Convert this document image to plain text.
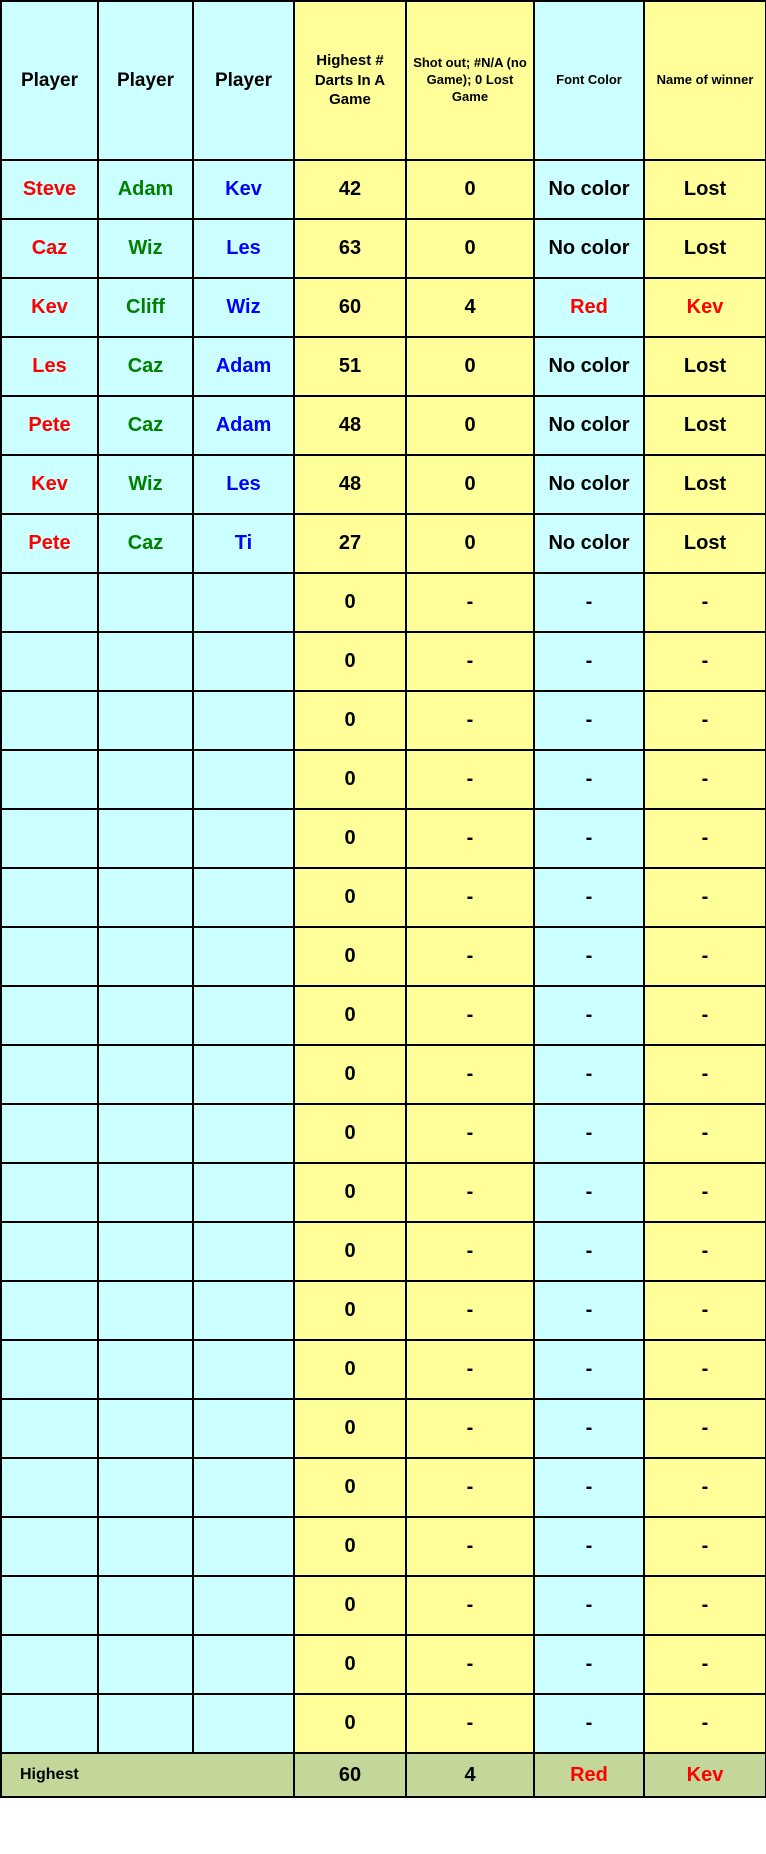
Player	Player	Player	Highest # Darts In A Game	Shot out; #N/A (no Game); 0 Lost Game	Font Color	Name of winner
Steve	Adam	Kev	42	0	No color	Lost
Caz	Wiz	Les	63	0	No color	Lost
Kev	Cliff	Wiz	60	4	Red	Kev
Les	Caz	Adam	51	0	No color	Lost
Pete	Caz	Adam	48	0	No color	Lost
Kev	Wiz	Les	48	0	No color	Lost
Pete	Caz	Ti	27	0	No color	Lost
			0	-	-	-
			0	-	-	-
			0	-	-	-
			0	-	-	-
			0	-	-	-
			0	-	-	-
			0	-	-	-
			0	-	-	-
			0	-	-	-
			0	-	-	-
			0	-	-	-
			0	-	-	-
			0	-	-	-
			0	-	-	-
			0	-	-	-
			0	-	-	-
			0	-	-	-
			0	-	-	-
			0	-	-	-
			0	-	-	-
Highest			60	4	Red	Kev
